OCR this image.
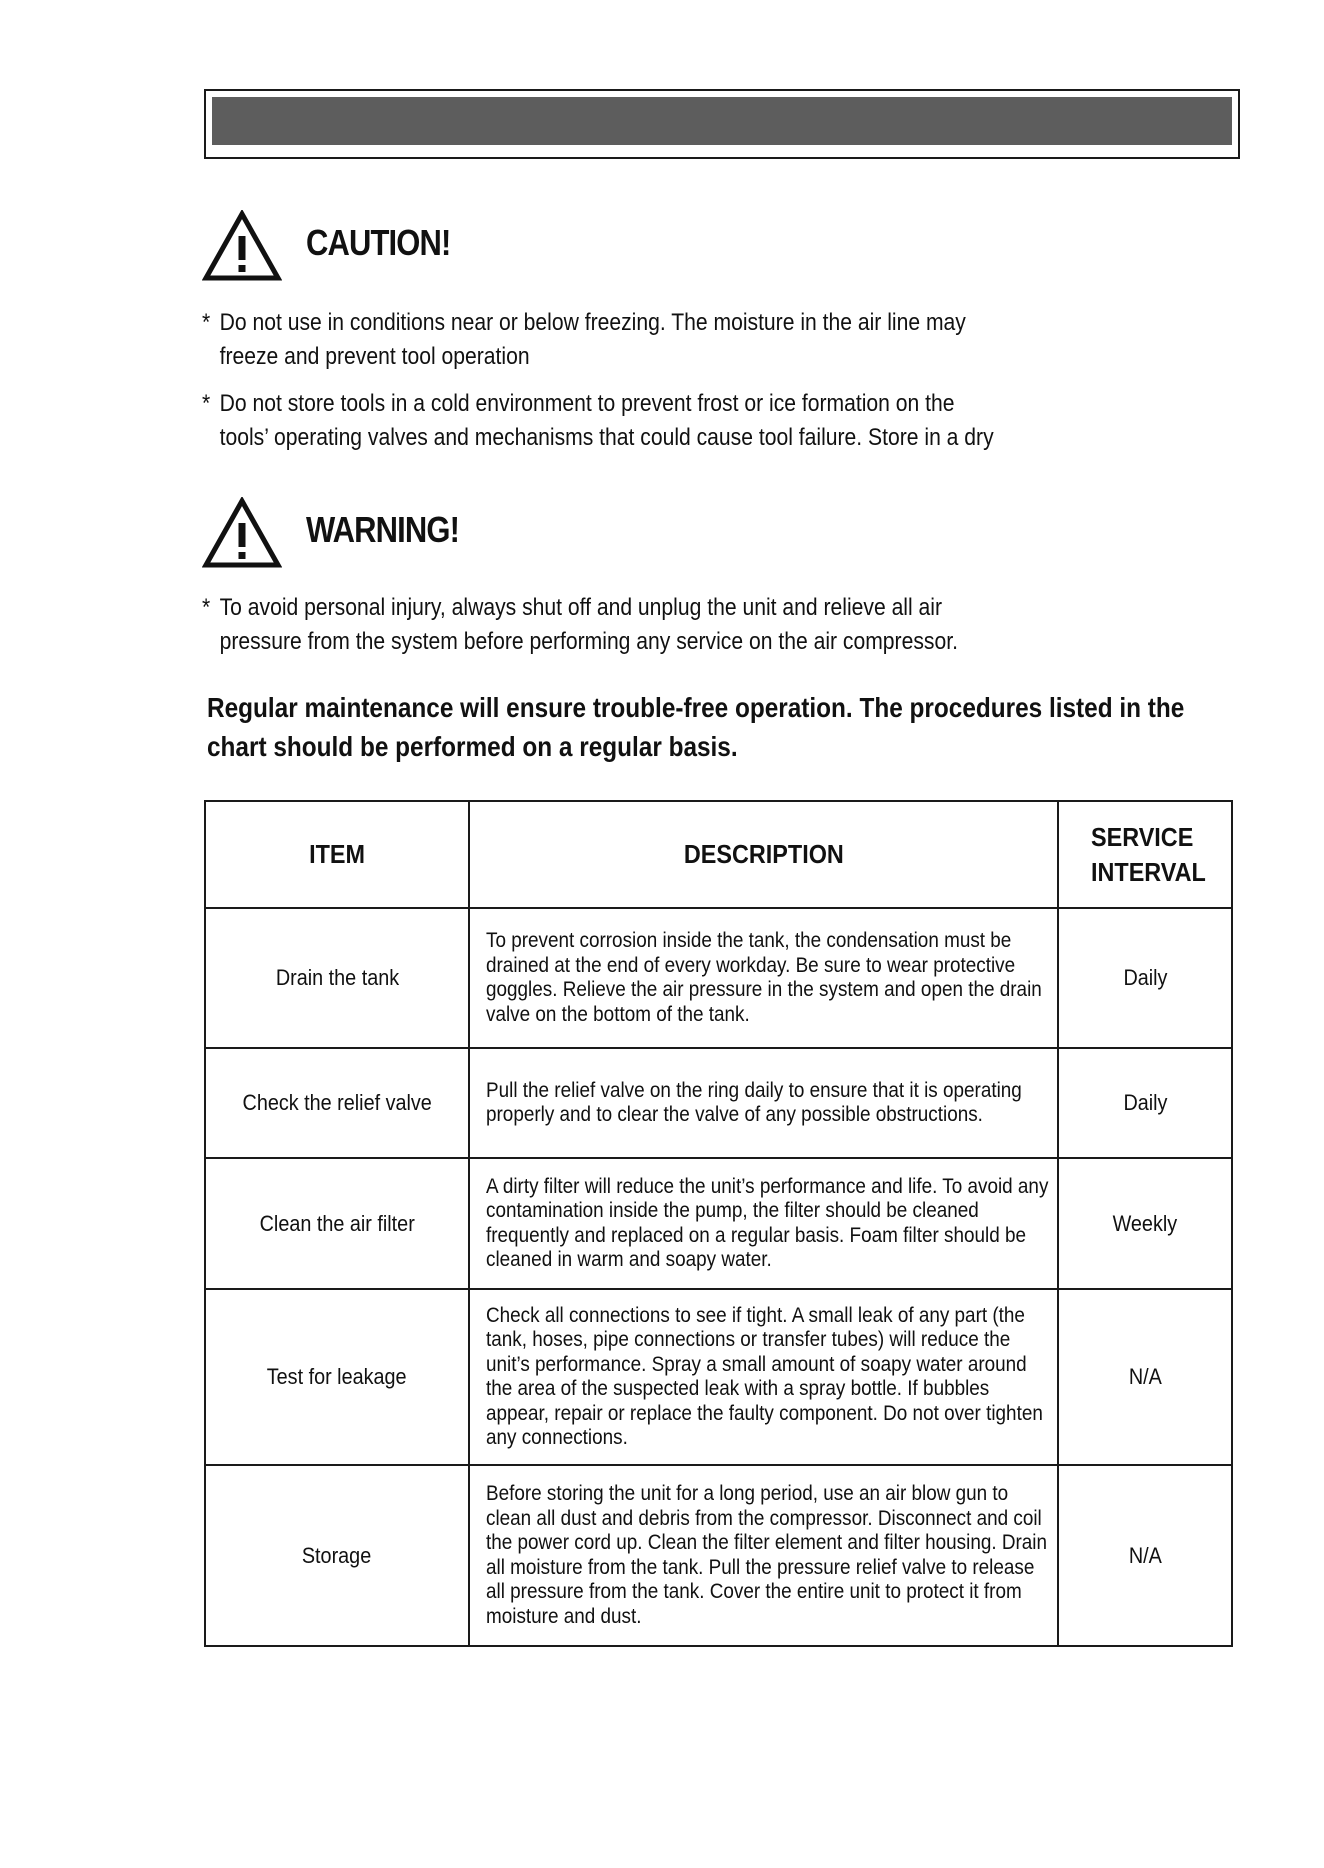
CAUTION!

* Do not use in conditions near or below freezing. The moisture in the air line may freeze and prevent tool operation

* Do not store tools in a cold environment to prevent frost or ice formation on the tools’ operating valves and mechanisms that could cause tool failure. Store in a dry

WARNING!

* To avoid personal injury, always shut off and unplug the unit and relieve all air pressure from the system before performing any service on the air compressor.

Regular maintenance will ensure trouble-free operation. The procedures listed in the chart should be performed on a regular basis.

ITEM	DESCRIPTION	SERVICE
INTERVAL

Drain the tank	To prevent corrosion inside the tank, the condensation must be drained at the end of every workday. Be sure to wear protective goggles. Relieve the air pressure in the system and open the drain valve on the bottom of the tank.	Daily
Check the relief valve	Pull the relief valve on the ring daily to ensure that it is operating properly and to clear the valve of any possible obstructions.	Daily
Clean the air filter	A dirty filter will reduce the unit’s performance and life. To avoid any contamination inside the pump, the filter should be cleaned frequently and replaced on a regular basis. Foam filter should be cleaned in warm and soapy water.	Weekly
Test for leakage	Check all connections to see if tight. A small leak of any part (the tank, hoses, pipe connections or transfer tubes) will reduce the unit’s performance. Spray a small amount of soapy water around the area of the suspected leak with a spray bottle. If bubbles appear, repair or replace the faulty component. Do not over tighten any connections.	N/A
Storage	Before storing the unit for a long period, use an air blow gun to clean all dust and debris from the compressor. Disconnect and coil the power cord up. Clean the filter element and filter housing. Drain all moisture from the tank. Pull the pressure relief valve to release all pressure from the tank. Cover the entire unit to protect it from moisture and dust.	N/A
